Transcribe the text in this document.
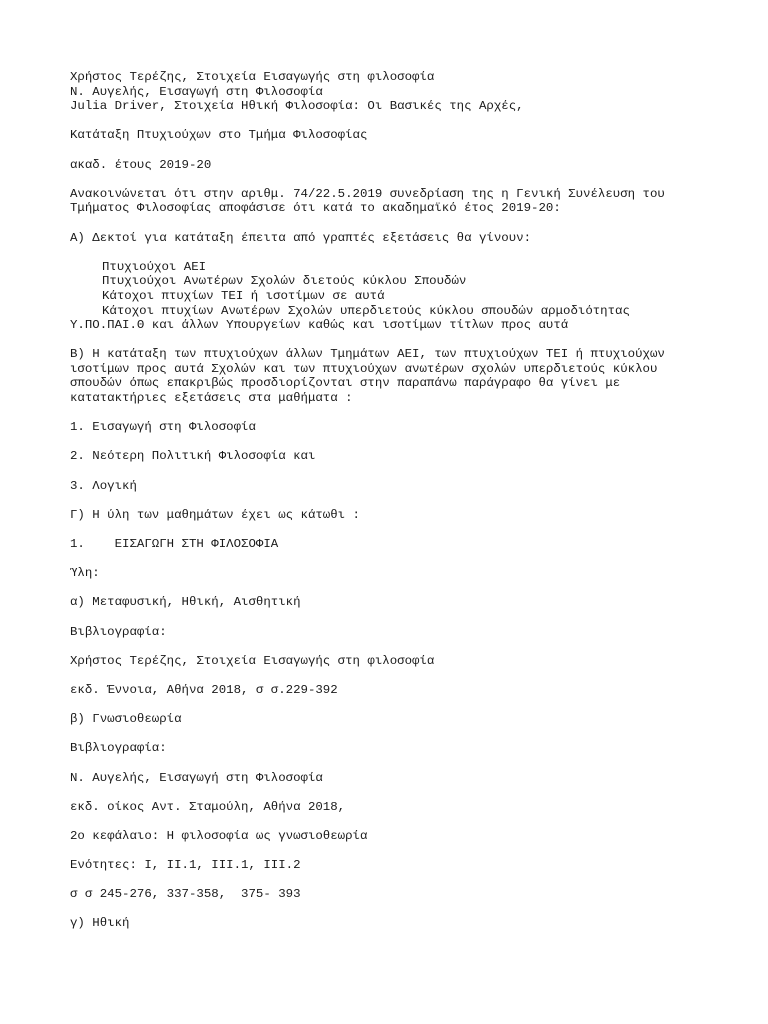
Χρήστος Τερέζης, Στοιχεία Εισαγωγής στη φιλοσοφία
Ν. Αυγελής, Εισαγωγή στη Φιλοσοφία
Julia Driver, Στοιχεία Ηθική Φιλοσοφία: Οι Βασικές της Αρχές,
Κατάταξη Πτυχιούχων στο Τμήμα Φιλοσοφίας
ακαδ. έτους 2019-20
Ανακοινώνεται ότι στην αριθμ. 74/22.5.2019 συνεδρίαση της η Γενική Συνέλευση του
Τμήματος Φιλοσοφίας αποφάσισε ότι κατά το ακαδημαϊκό έτος 2019-20:
Α) Δεκτοί για κατάταξη έπειτα από γραπτές εξετάσεις θα γίνουν:
Πτυχιούχοι ΑΕΙ
Πτυχιούχοι Ανωτέρων Σχολών διετούς κύκλου Σπουδών
Κάτοχοι πτυχίων ΤΕΙ ή ισοτίμων σε αυτά
Κάτοχοι πτυχίων Ανωτέρων Σχολών υπερδιετούς κύκλου σπουδών αρμοδιότητας
Υ.ΠΟ.ΠΑΙ.Θ και άλλων Υπουργείων καθώς και ισοτίμων τίτλων προς αυτά
Β) Η κατάταξη των πτυχιούχων άλλων Τμημάτων ΑΕΙ, των πτυχιούχων ΤΕΙ ή πτυχιούχων
ισοτίμων προς αυτά Σχολών και των πτυχιούχων ανωτέρων σχολών υπερδιετούς κύκλου
σπουδών όπως επακριβώς προσδιορίζονται στην παραπάνω παράγραφο θα γίνει με
κατατακτήριες εξετάσεις στα μαθήματα :
1. Εισαγωγή στη Φιλοσοφία
2. Νεότερη Πολιτική Φιλοσοφία και
3. Λογική
Γ) Η ύλη των μαθημάτων έχει ως κάτωθι :
1.    ΕΙΣΑΓΩΓΗ ΣΤΗ ΦΙΛΟΣΟΦΙΑ
Ύλη:
α) Μεταφυσική, Ηθική, Αισθητική
Βιβλιογραφία:
Χρήστος Τερέζης, Στοιχεία Εισαγωγής στη φιλοσοφία
εκδ. Έννοια, Αθήνα 2018, σ σ.229-392
β) Γνωσιοθεωρία
Βιβλιογραφία:
Ν. Αυγελής, Εισαγωγή στη Φιλοσοφία
εκδ. οίκος Αντ. Σταμούλη, Αθήνα 2018,
2ο κεφάλαιο: Η φιλοσοφία ως γνωσιοθεωρία
Ενότητες: Ι, ΙΙ.1, ΙΙΙ.1, ΙΙΙ.2
σ σ 245-276, 337-358,  375- 393
γ) Ηθική
